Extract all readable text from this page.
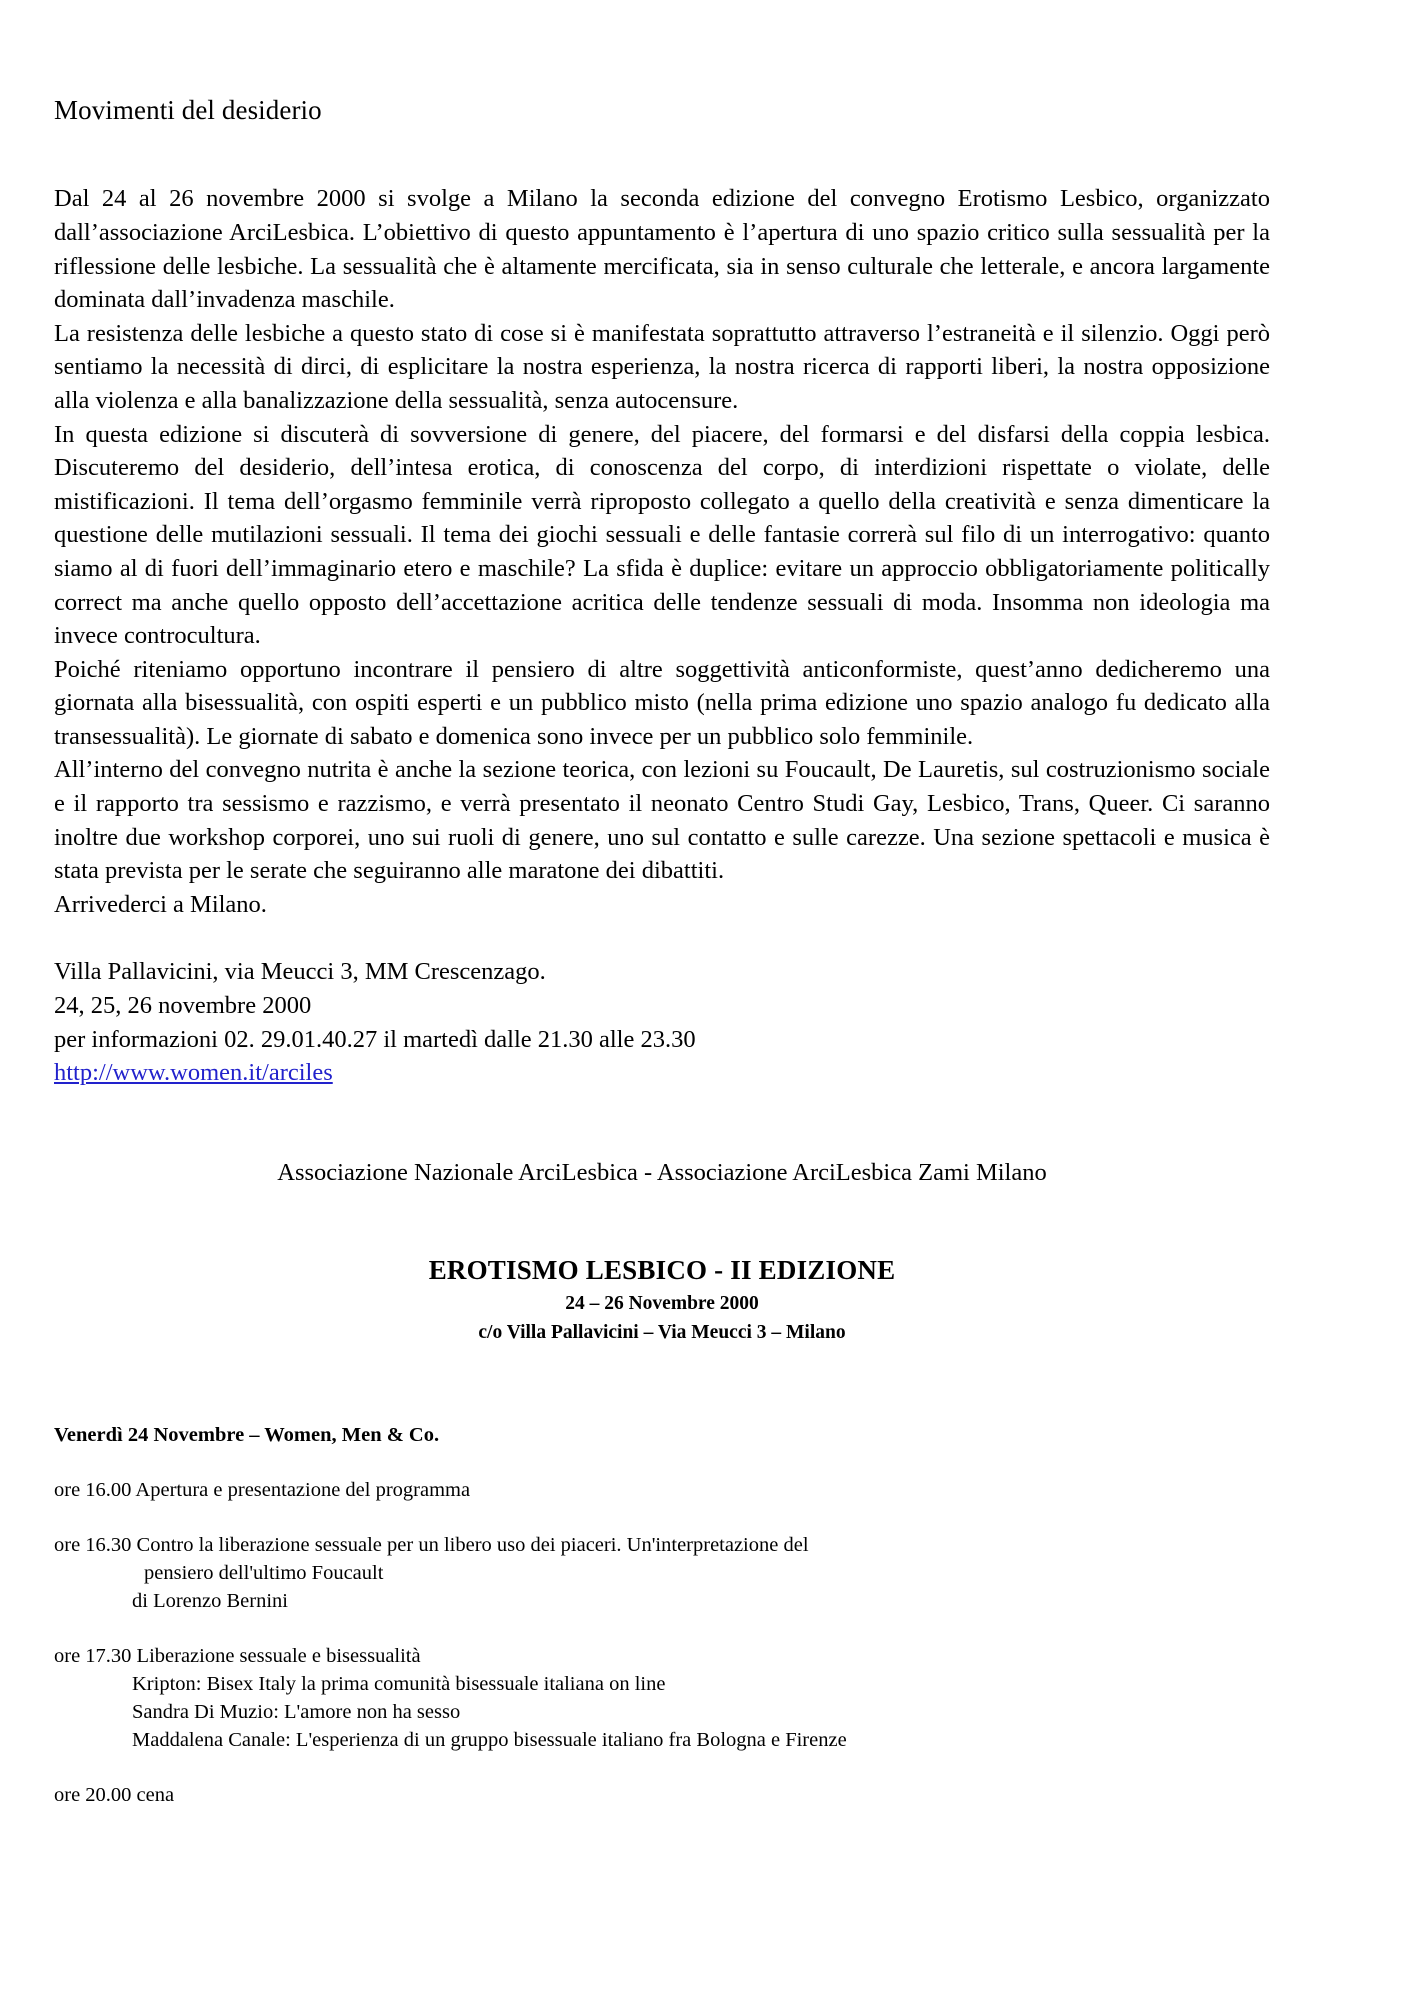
Movimenti del desiderio

Dal 24 al 26 novembre 2000 si svolge a Milano la seconda edizione del convegno Erotismo Lesbico, organizzato dall’associazione ArciLesbica. L’obiettivo di questo appuntamento è l’apertura di uno spazio critico sulla sessualità per la riflessione delle lesbiche. La sessualità che è altamente mercificata, sia in senso culturale che letterale, e ancora largamente dominata dall’invadenza maschile.

La resistenza delle lesbiche a questo stato di cose si è manifestata soprattutto attraverso l’estraneità e il silenzio. Oggi però sentiamo la necessità di dirci, di esplicitare la nostra esperienza, la nostra ricerca di rapporti liberi, la nostra opposizione alla violenza e alla banalizzazione della sessualità, senza autocensure.

In questa edizione si discuterà di sovversione di genere, del piacere, del formarsi e del disfarsi della coppia lesbica. Discuteremo del desiderio, dell’intesa erotica, di conoscenza del corpo, di interdizioni rispettate o violate, delle mistificazioni. Il tema dell’orgasmo femminile verrà riproposto collegato a quello della creatività e senza dimenticare la questione delle mutilazioni sessuali. Il tema dei giochi sessuali e delle fantasie correrà sul filo di un interrogativo: quanto siamo al di fuori dell’immaginario etero e maschile? La sfida è duplice: evitare un approccio obbligatoriamente politically correct ma anche quello opposto dell’accettazione acritica delle tendenze sessuali di moda. Insomma non ideologia ma invece controcultura.

Poiché riteniamo opportuno incontrare il pensiero di altre soggettività anticonformiste, quest’anno dedicheremo una giornata alla bisessualità, con ospiti esperti e un pubblico misto (nella prima edizione uno spazio analogo fu dedicato alla transessualità). Le giornate di sabato e domenica sono invece per un pubblico solo femminile.

All’interno del convegno nutrita è anche la sezione teorica, con lezioni su Foucault, De Lauretis, sul costruzionismo sociale e il rapporto tra sessismo e razzismo, e verrà presentato il neonato Centro Studi Gay, Lesbico, Trans, Queer. Ci saranno inoltre due workshop corporei, uno sui ruoli di genere, uno sul contatto e sulle carezze. Una sezione spettacoli e musica è stata prevista per le serate che seguiranno alle maratone dei dibattiti.

Arrivederci a Milano.

Villa Pallavicini, via Meucci 3, MM Crescenzago.
24, 25, 26 novembre 2000
per informazioni 02. 29.01.40.27 il martedì dalle 21.30 alle 23.30
http://www.women.it/arciles
Associazione Nazionale ArciLesbica - Associazione ArciLesbica Zami Milano
EROTISMO LESBICO - II EDIZIONE
24 – 26 Novembre 2000
c/o Villa Pallavicini – Via Meucci 3 – Milano
Venerdì 24 Novembre – Women, Men & Co.
ore 16.00 Apertura e presentazione del programma
ore 16.30 Contro la liberazione sessuale per un libero uso dei piaceri. Un'interpretazione del
pensiero dell'ultimo Foucault
di Lorenzo Bernini
ore 17.30 Liberazione sessuale e bisessualità
Kripton: Bisex Italy la prima comunità bisessuale italiana on line
Sandra Di Muzio: L'amore non ha sesso
Maddalena Canale: L'esperienza di un gruppo bisessuale italiano fra Bologna e Firenze
ore 20.00 cena
